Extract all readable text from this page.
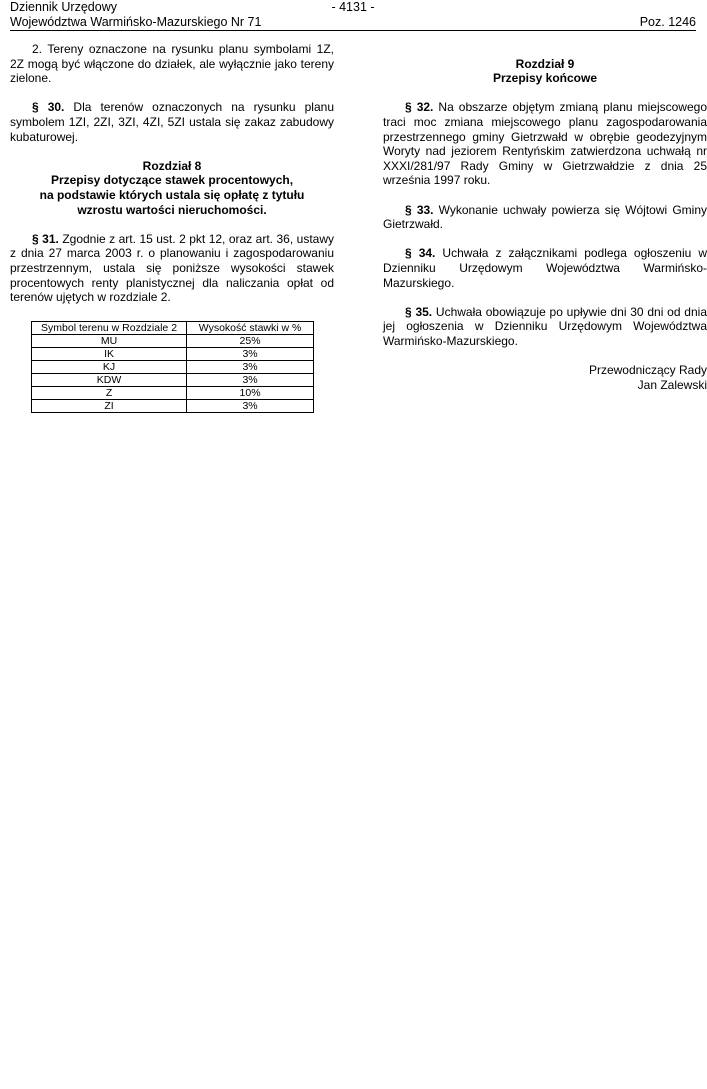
Dziennik Urzędowy
Województwa Warmińsko-Mazurskiego Nr 71
- 4131 -
Poz. 1246

2. Tereny oznaczone na rysunku planu symbolami 1Z, 2Z mogą być włączone do działek, ale wyłącznie jako tereny zielone.

§ 30. Dla terenów oznaczonych na rysunku planu symbolem 1ZI, 2ZI, 3ZI, 4ZI, 5ZI ustala się zakaz zabudowy kubaturowej.

Rozdział 8

Przepisy dotyczące stawek procentowych,

na podstawie których ustala się opłatę z tytułu

wzrostu wartości nieruchomości.

§ 31. Zgodnie z art. 15 ust. 2 pkt 12, oraz art. 36, ustawy z dnia 27 marca 2003 r. o planowaniu i zagospodarowaniu przestrzennym, ustala się poniższe wysokości stawek procentowych renty planistycznej dla naliczania opłat od terenów ujętych w rozdziale 2.

Symbol terenu w Rozdziale 2	Wysokość stawki w %
MU	25%
IK	3%
KJ	3%
KDW	3%
Z	10%
ZI	3%

Rozdział 9

Przepisy końcowe

§ 32. Na obszarze objętym zmianą planu miejscowego traci moc zmiana miejscowego planu zagospodarowania przestrzennego gminy Gietrzwałd w obrębie geodezyjnym Woryty nad jeziorem Rentyńskim zatwierdzona uchwałą nr XXXI/281/97 Rady Gminy w Gietrzwałdzie z dnia 25 września 1997 roku.

§ 33. Wykonanie uchwały powierza się Wójtowi Gminy Gietrzwałd.

§ 34. Uchwała z załącznikami podlega ogłoszeniu w Dzienniku Urzędowym Województwa Warmińsko-Mazurskiego.

§ 35. Uchwała obowiązuje po upływie dni 30 dni od dnia jej ogłoszenia w Dzienniku Urzędowym Województwa Warmińsko-Mazurskiego.

Przewodniczący Rady

Jan Zalewski
